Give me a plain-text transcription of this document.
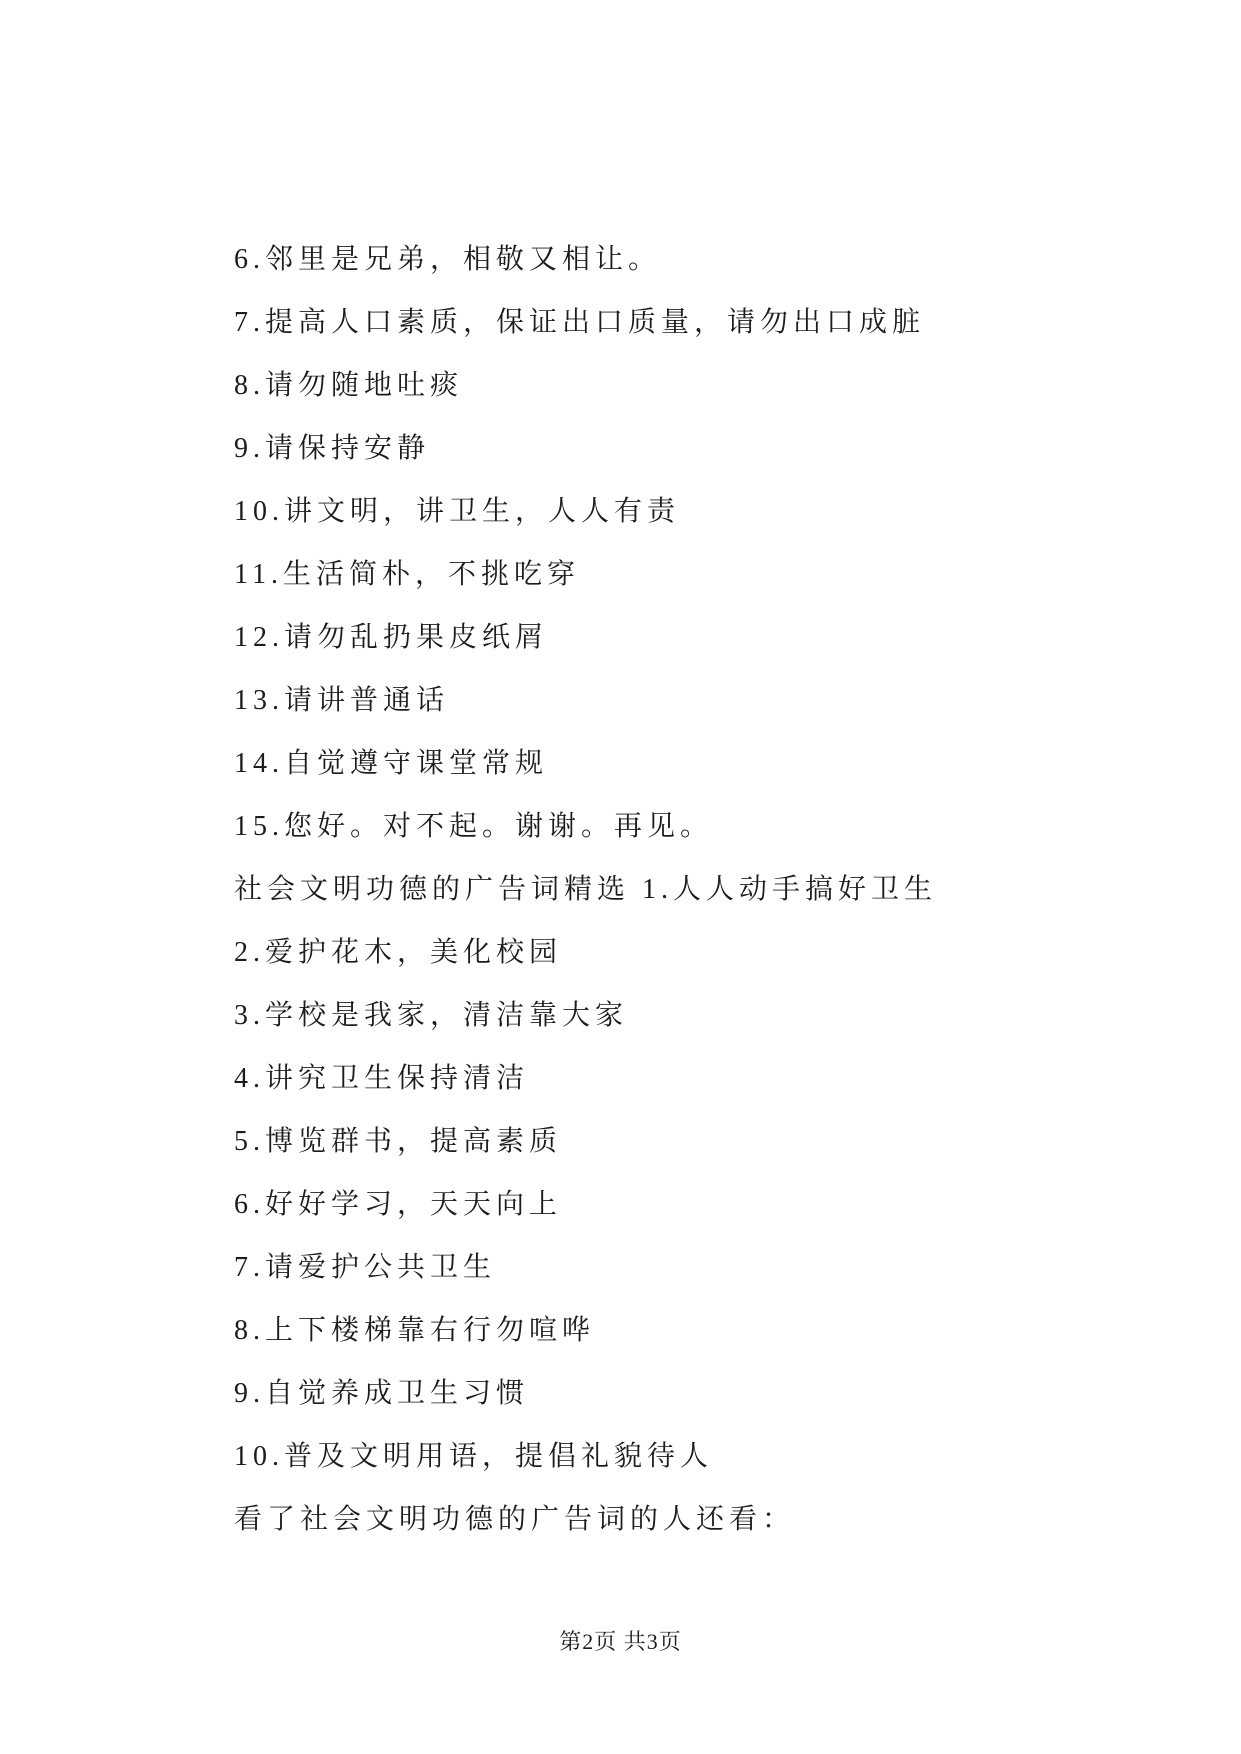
6.邻里是兄弟，相敬又相让。
7.提高人口素质，保证出口质量，请勿出口成脏
8.请勿随地吐痰
9.请保持安静
10.讲文明，讲卫生，人人有责
11.生活简朴，不挑吃穿
12.请勿乱扔果皮纸屑
13.请讲普通话
14.自觉遵守课堂常规
15.您好。对不起。谢谢。再见。
社会文明功德的广告词精选 1.人人动手搞好卫生
2.爱护花木，美化校园
3.学校是我家，清洁靠大家
4.讲究卫生保持清洁
5.博览群书，提高素质
6.好好学习，天天向上
7.请爱护公共卫生
8.上下楼梯靠右行勿喧哗
9.自觉养成卫生习惯
10.普及文明用语，提倡礼貌待人
看了社会文明功德的广告词的人还看：
第2页 共3页
